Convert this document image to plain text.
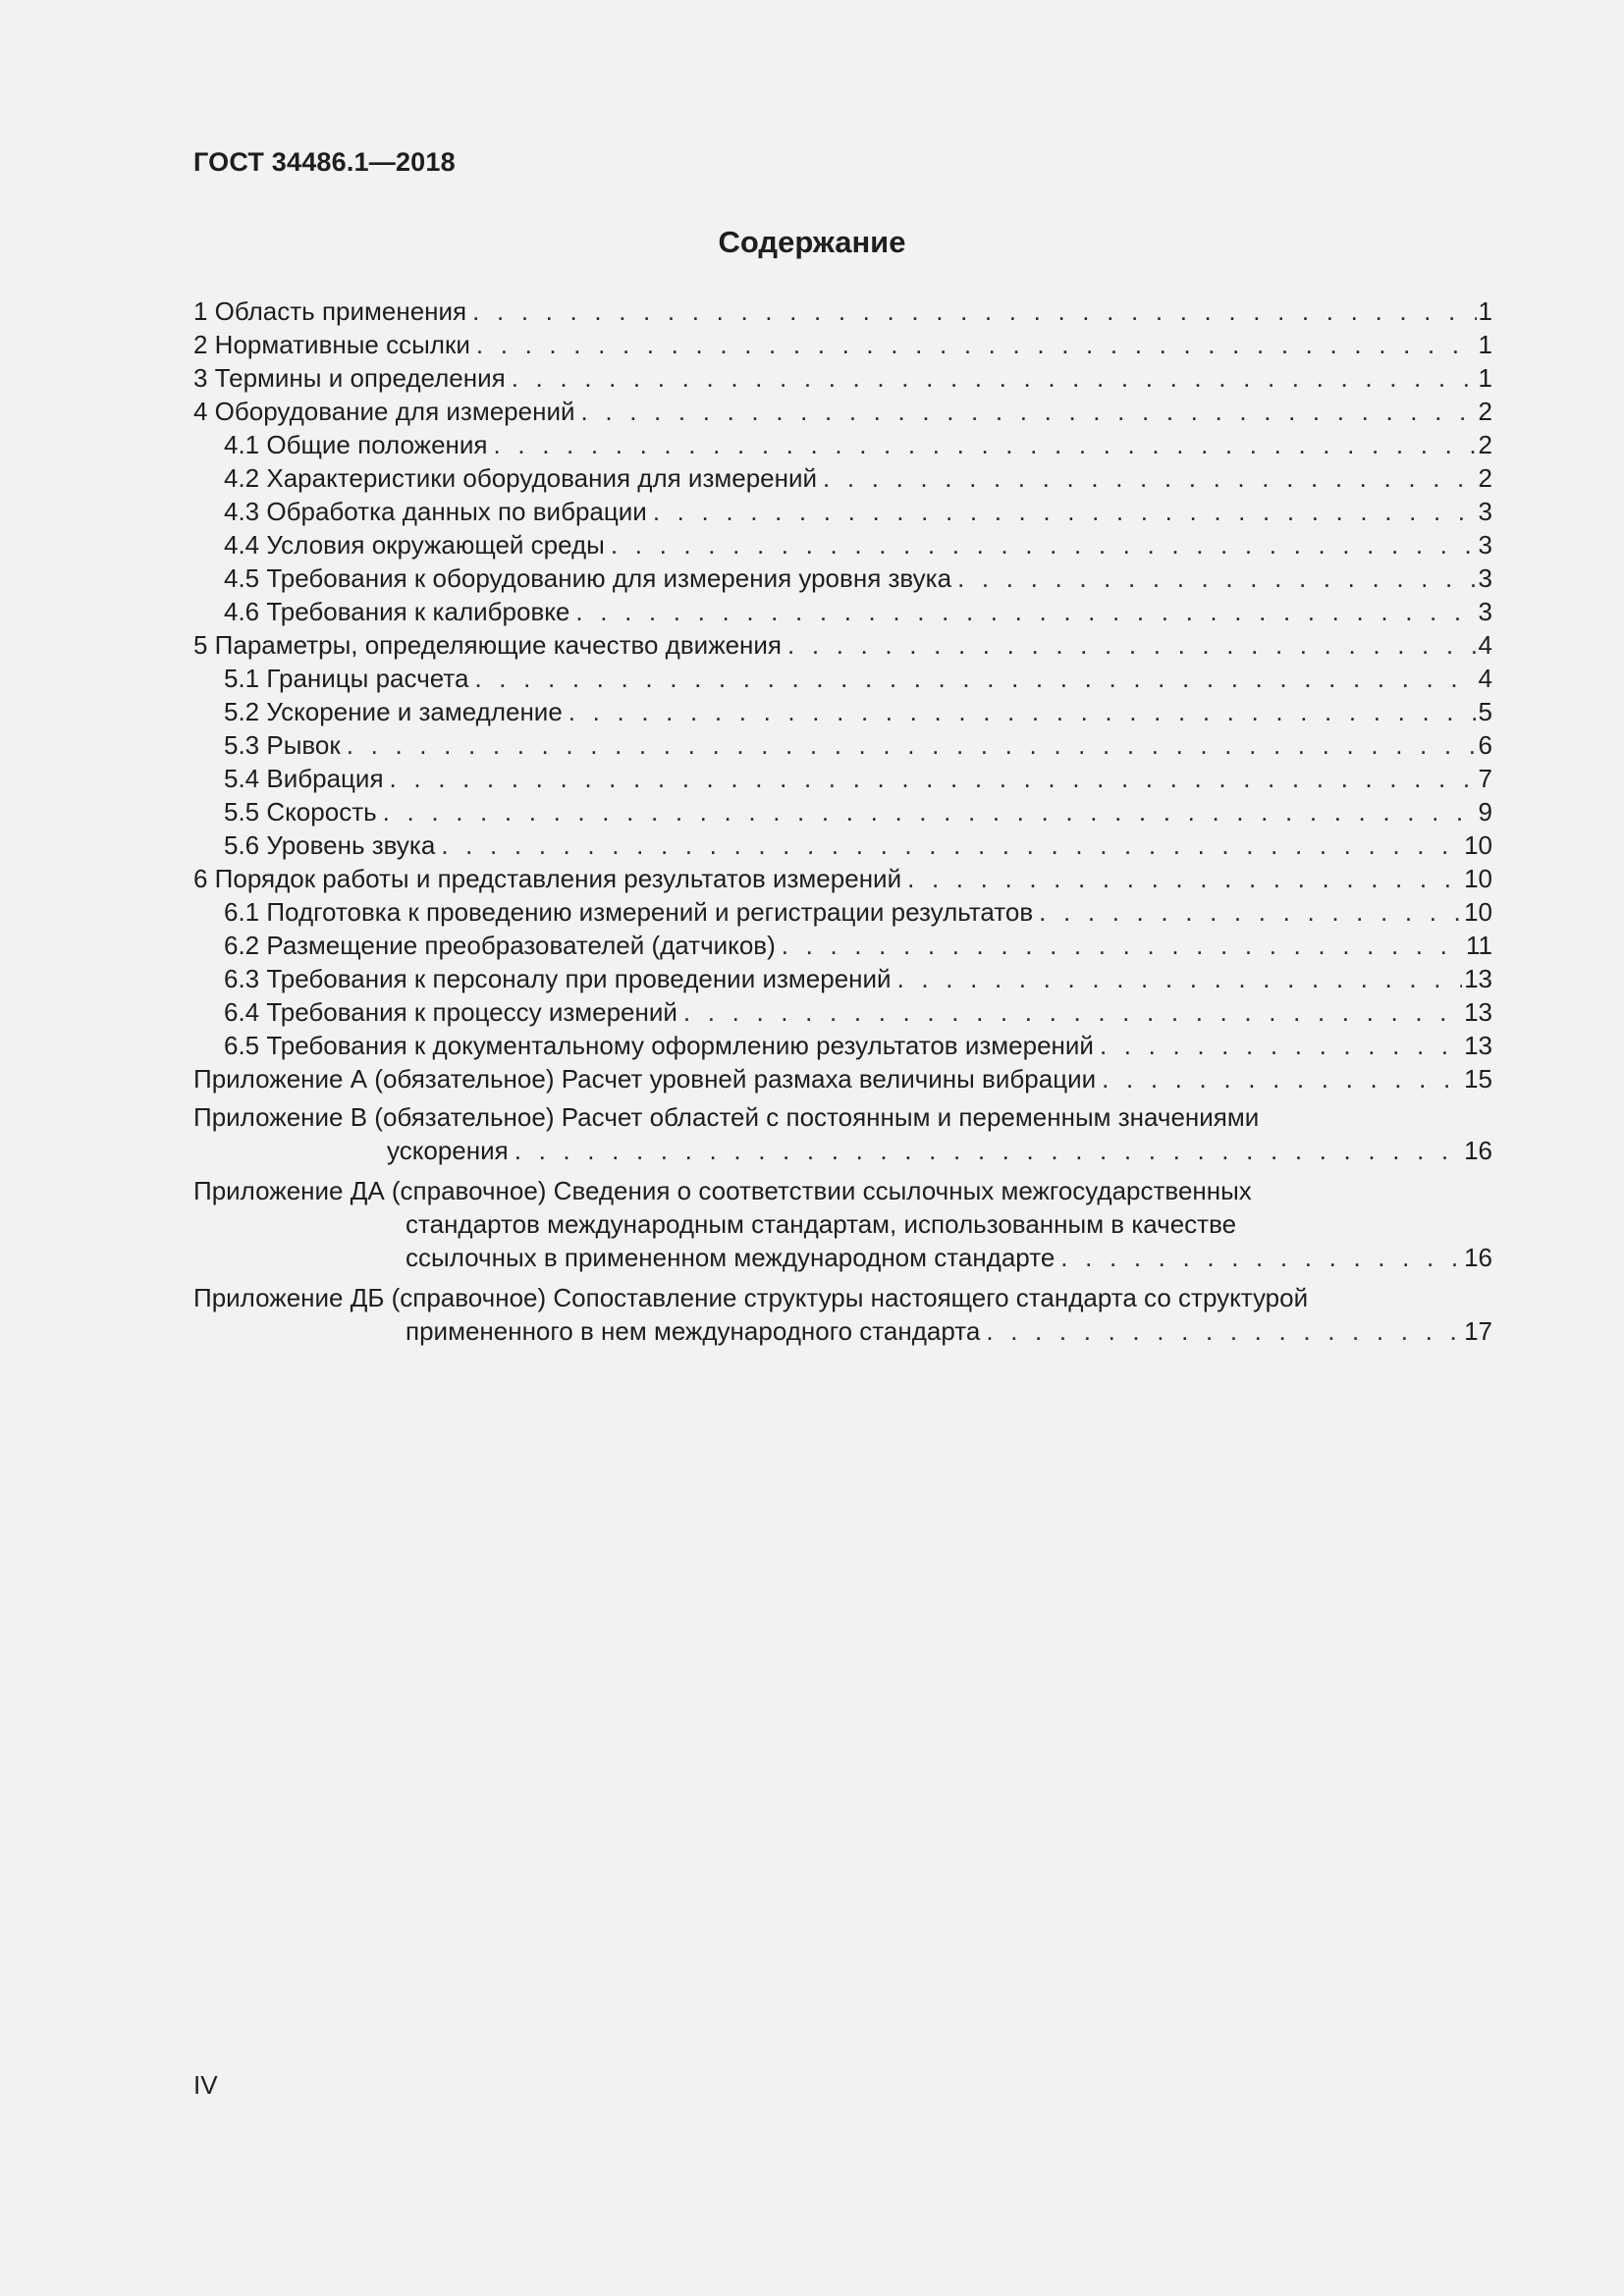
ГОСТ 34486.1—2018
Содержание
1 Область применения . . .	1
2 Нормативные ссылки . . .	1
3 Термины и определения . . .	1
4 Оборудование для измерений . . .	2
4.1 Общие положения . . .	2
4.2 Характеристики оборудования для измерений . . .	2
4.3 Обработка данных по вибрации . . .	3
4.4 Условия окружающей среды . . .	3
4.5 Требования к оборудованию для измерения уровня звука . . .	3
4.6 Требования к калибровке . . .	3
5 Параметры, определяющие качество движения . . .	4
5.1 Границы расчета . . .	4
5.2 Ускорение и замедление . . .	5
5.3 Рывок . . .	6
5.4 Вибрация . . .	7
5.5 Скорость . . .	9
5.6 Уровень звука . . .	10
6 Порядок работы и представления результатов измерений . . .	10
6.1 Подготовка к проведению измерений и регистрации результатов . . .	10
6.2 Размещение преобразователей (датчиков) . . .	11
6.3 Требования к персоналу при проведении измерений . . .	13
6.4 Требования к процессу измерений . . .	13
6.5 Требования к документальному оформлению результатов измерений . . .	13
Приложение А (обязательное) Расчет уровней размаха величины вибрации . . .	15
Приложение В (обязательное) Расчет областей с постоянным и переменным значениями
ускорения . . .	16
Приложение ДА (справочное) Сведения о соответствии ссылочных межгосударственных
стандартов международным стандартам, использованным в качестве
ссылочных в примененном международном стандарте . . .	16
Приложение ДБ (справочное) Сопоставление структуры настоящего стандарта со структурой
примененного в нем международного стандарта . . .	17
IV
